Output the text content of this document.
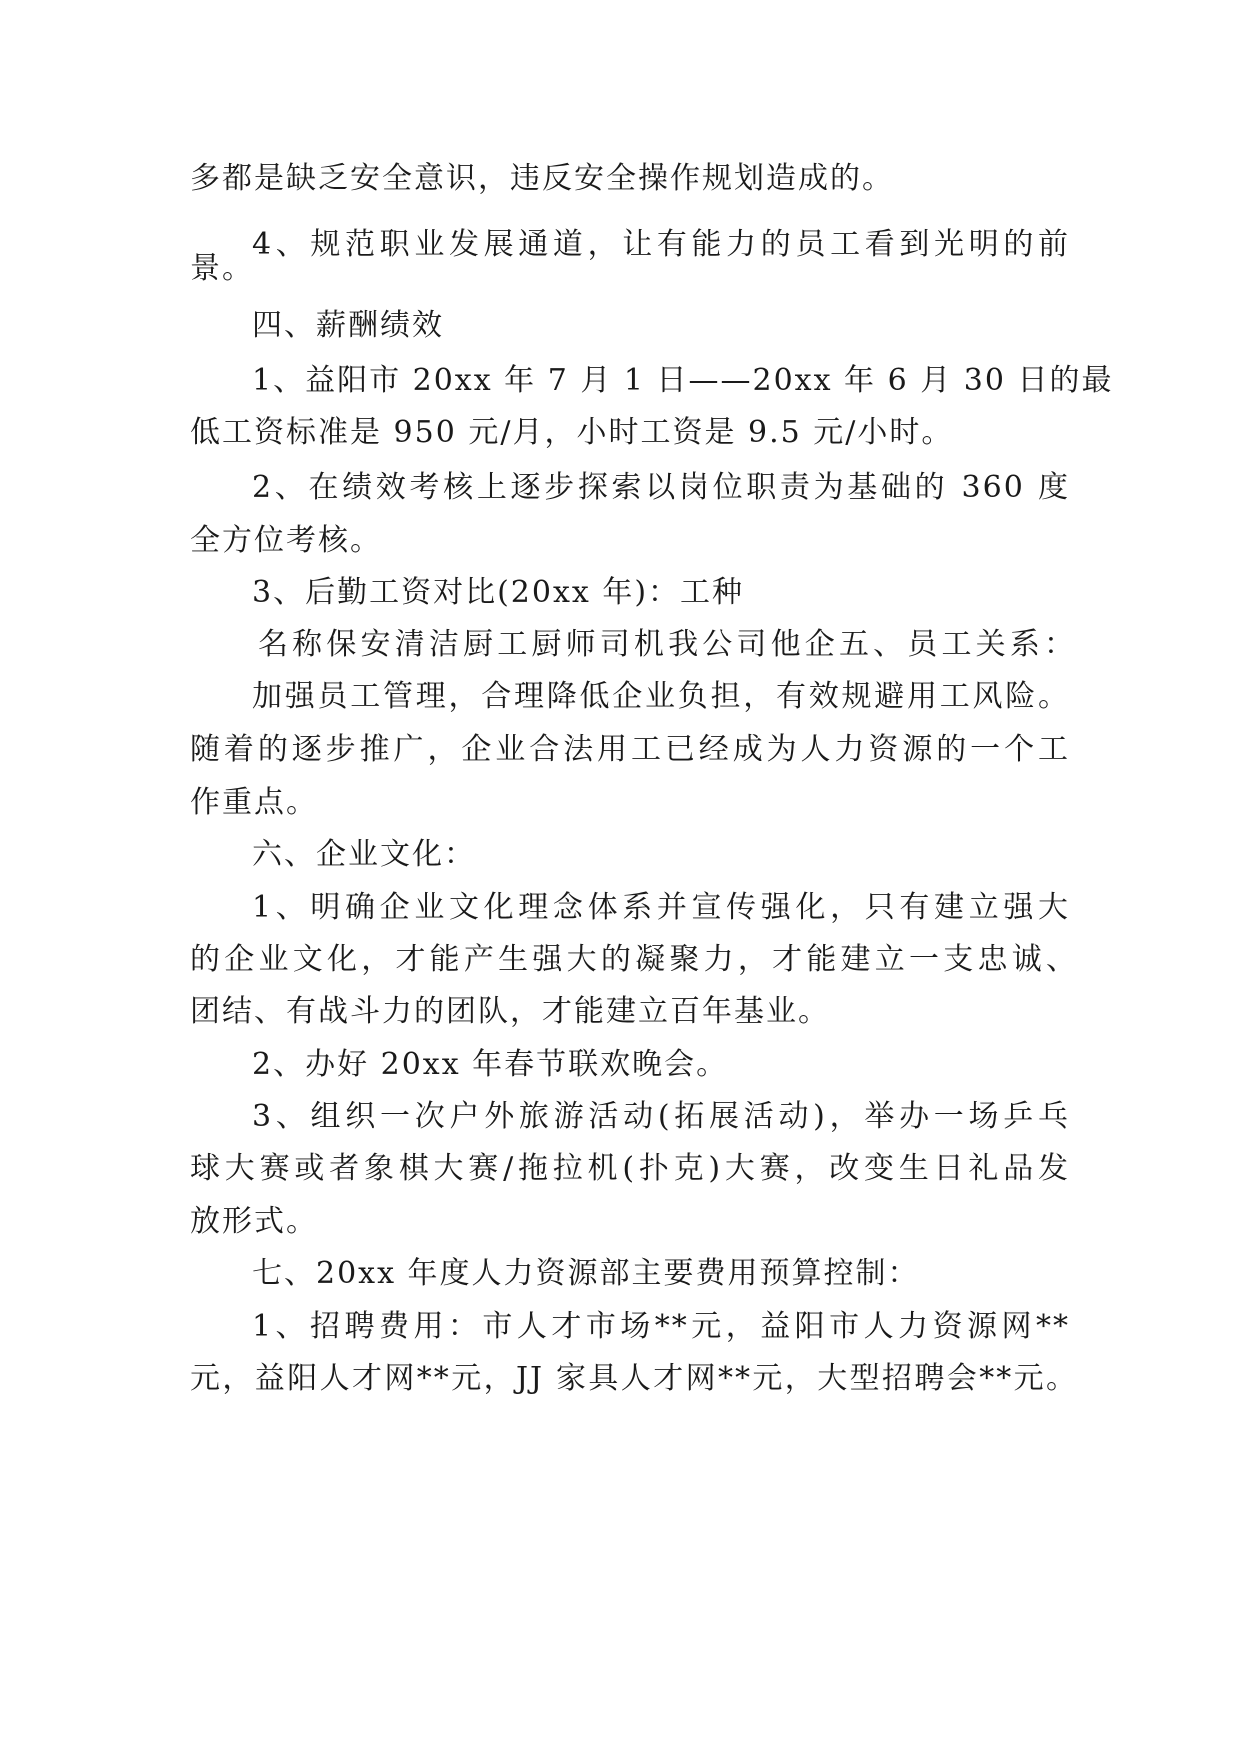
多都是缺乏安全意识，违反安全操作规划造成的。
4、规范职业发展通道，让有能力的员工看到光明的前
景。
四、薪酬绩效
1、益阳市 20xx 年 7 月 1 日——20xx 年 6 月 30 日的最
低工资标准是 950 元/月，小时工资是 9.5 元/小时。
2、在绩效考核上逐步探索以岗位职责为基础的 360 度
全方位考核。
3、后勤工资对比(20xx 年)：工种
名称保安清洁厨工厨师司机我公司他企五、员工关系：
加强员工管理，合理降低企业负担，有效规避用工风险。
随着的逐步推广，企业合法用工已经成为人力资源的一个工
作重点。
六、企业文化：
1、明确企业文化理念体系并宣传强化，只有建立强大
的企业文化，才能产生强大的凝聚力，才能建立一支忠诚、
团结、有战斗力的团队，才能建立百年基业。
2、办好 20xx 年春节联欢晚会。
3、组织一次户外旅游活动(拓展活动)，举办一场乒乓
球大赛或者象棋大赛/拖拉机(扑克)大赛，改变生日礼品发
放形式。
七、20xx 年度人力资源部主要费用预算控制：
1、招聘费用：市人才市场**元，益阳市人力资源网**
元，益阳人才网**元，JJ 家具人才网**元，大型招聘会**元。
